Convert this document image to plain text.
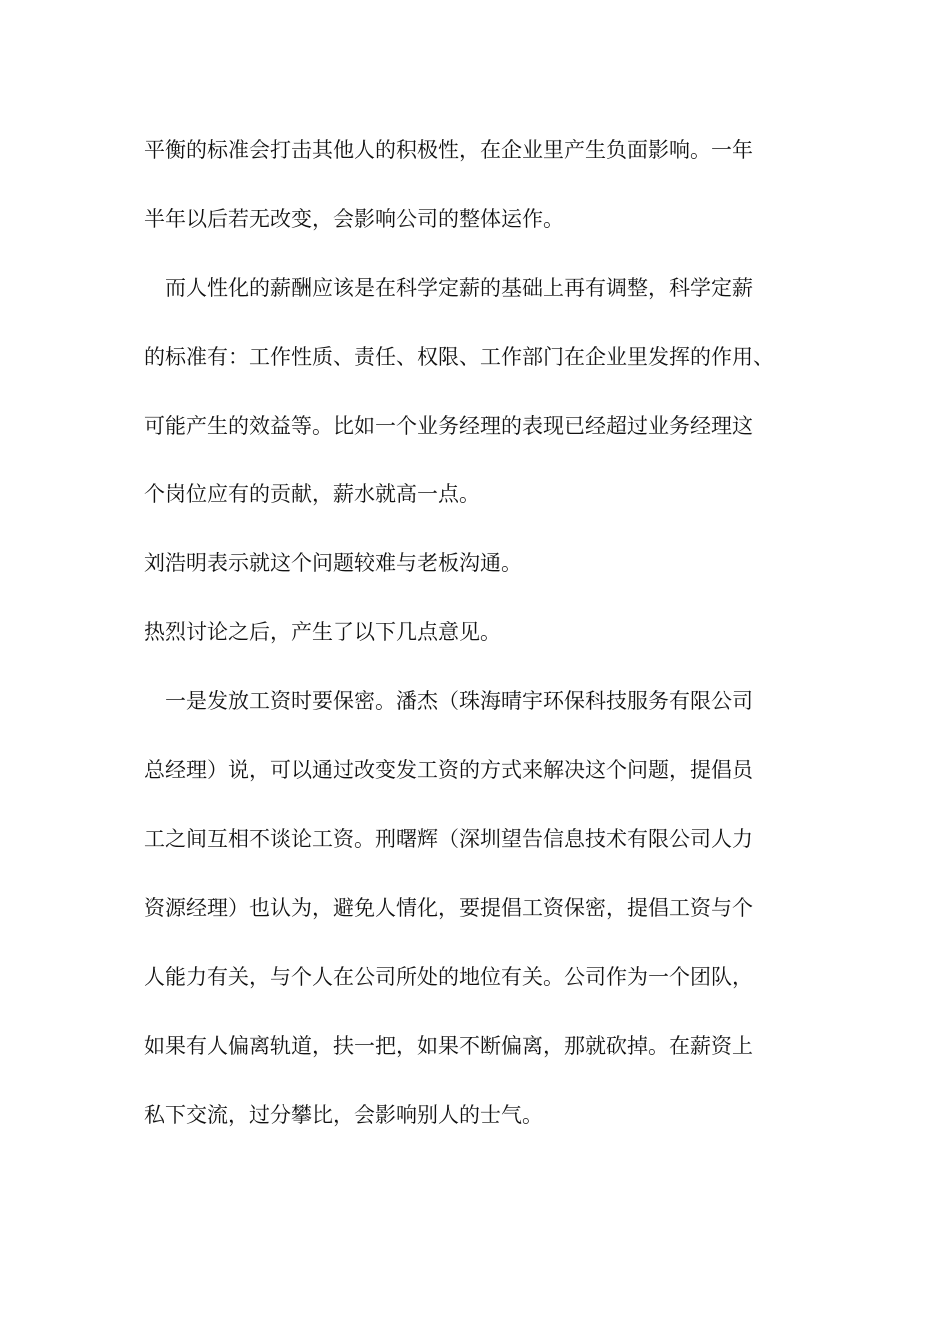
平衡的标准会打击其他人的积极性，在企业里产生负面影响。一年
半年以后若无改变，会影响公司的整体运作。
而人性化的薪酬应该是在科学定薪的基础上再有调整，科学定薪
的标准有：工作性质、责任、权限、工作部门在企业里发挥的作用、
可能产生的效益等。比如一个业务经理的表现已经超过业务经理这
个岗位应有的贡献，薪水就高一点。
刘浩明表示就这个问题较难与老板沟通。
热烈讨论之后，产生了以下几点意见。
一是发放工资时要保密。潘杰（珠海晴宇环保科技服务有限公司
总经理）说，可以通过改变发工资的方式来解决这个问题，提倡员
工之间互相不谈论工资。刑曙辉（深圳望告信息技术有限公司人力
资源经理）也认为，避免人情化，要提倡工资保密，提倡工资与个
人能力有关，与个人在公司所处的地位有关。公司作为一个团队，
如果有人偏离轨道，扶一把，如果不断偏离，那就砍掉。在薪资上
私下交流，过分攀比，会影响别人的士气。
